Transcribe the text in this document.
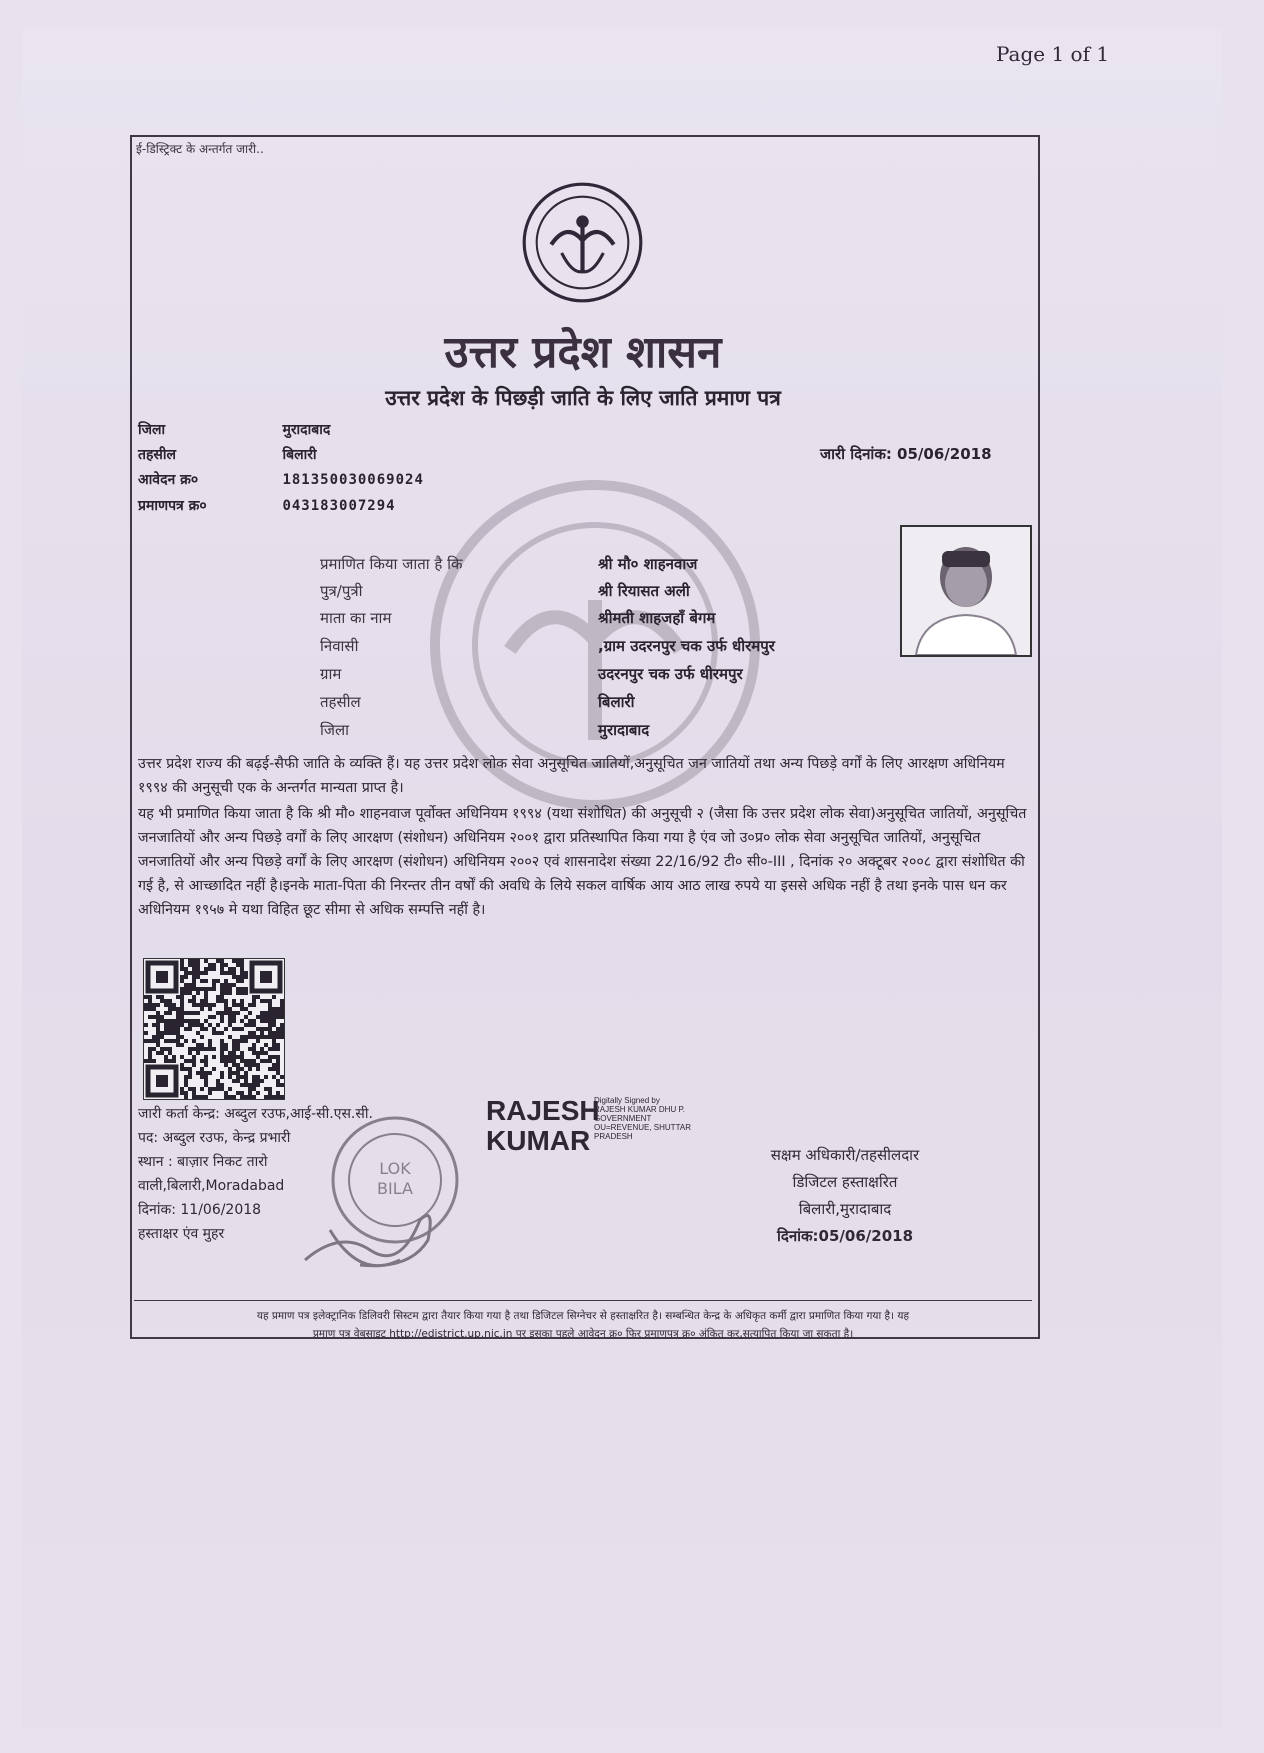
Page 1 of 1
ई-डिस्ट्रिक्ट के अन्तर्गत जारी..
उत्तर प्रदेश शासन
उत्तर प्रदेश के पिछड़ी जाति के लिए जाति प्रमाण पत्र
जिला	मुरादाबाद
तहसील	बिलारी
आवेदन क्र०	181350030069024
प्रमाणपत्र क्र०	043183007294
जारी दिनांक: 05/06/2018
प्रमाणित किया जाता है कि	श्री मौ० शाहनवाज
पुत्र/पुत्री	श्री रियासत अली
माता का नाम	श्रीमती शाहजहाँ बेगम
निवासी	,ग्राम उदरनपुर चक उर्फ धीरमपुर
ग्राम	उदरनपुर चक उर्फ धीरमपुर
तहसील	बिलारी
जिला	मुरादाबाद
उत्तर प्रदेश राज्य की बढ़ई-सैफी जाति के व्यक्ति हैं। यह उत्तर प्रदेश लोक सेवा अनुसूचित जातियों,अनुसूचित जन जातियों तथा अन्य पिछड़े वर्गों के लिए आरक्षण अधिनियम १९९४ की अनुसूची एक के अन्तर्गत मान्यता प्राप्त है।
यह भी प्रमाणित किया जाता है कि श्री मौ० शाहनवाज पूर्वोक्त अधिनियम १९९४ (यथा संशोधित) की अनुसूची २ (जैसा कि उत्तर प्रदेश लोक सेवा)अनुसूचित जातियों, अनुसूचित जनजातियों और अन्य पिछड़े वर्गों के लिए आरक्षण (संशोधन) अधिनियम २००१ द्वारा प्रतिस्थापित किया गया है एंव जो उ०प्र० लोक सेवा अनुसूचित जातियों, अनुसूचित जनजातियों और अन्य पिछड़े वर्गों के लिए आरक्षण (संशोधन) अधिनियम २००२ एवं शासनादेश संख्या 22/16/92 टी० सी०-III , दिनांक २० अक्टूबर २००८ द्वारा संशोधित की गई है, से आच्छादित नहीं है।इनके माता-पिता की निरन्तर तीन वर्षों की अवधि के लिये सकल वार्षिक आय आठ लाख रुपये या इससे अधिक नहीं है तथा इनके पास धन कर अधिनियम १९५७ मे यथा विहित छूट सीमा से अधिक सम्पत्ति नहीं है।
जारी कर्ता केन्द्र: अब्दुल रउफ,आई-सी.एस.सी.
पद: अब्दुल रउफ, केन्द्र प्रभारी
स्थान : बाज़ार निकट तारो
वाली,बिलारी,Moradabad
दिनांक: 11/06/2018
हस्ताक्षर एंव मुहर
LOK
BILA
RAJESH
KUMAR
Digitally Signed by
RAJESH KUMAR DHU P.
GOVERNMENT
OU=REVENUE, SHUTTAR
PRADESH
सक्षम अधिकारी/तहसीलदार
डिजिटल हस्ताक्षरित
बिलारी,मुरादाबाद
दिनांक:05/06/2018
यह प्रमाण पत्र इलेक्ट्रानिक डिलिवरी सिस्टम द्वारा तैयार किया गया है तथा डिजिटल सिग्नेचर से हस्ताक्षरित है। सम्बन्धित केन्द्र के अधिकृत कर्मी द्वारा प्रमाणित किया गया है। यह
प्रमाण पत्र वेबसाइट http://edistrict.up.nic.in पर इसका पहले आवेदन क्र० फिर प्रमाणपत्र क्र० अंकित कर,सत्यापित किया जा सकता है।
